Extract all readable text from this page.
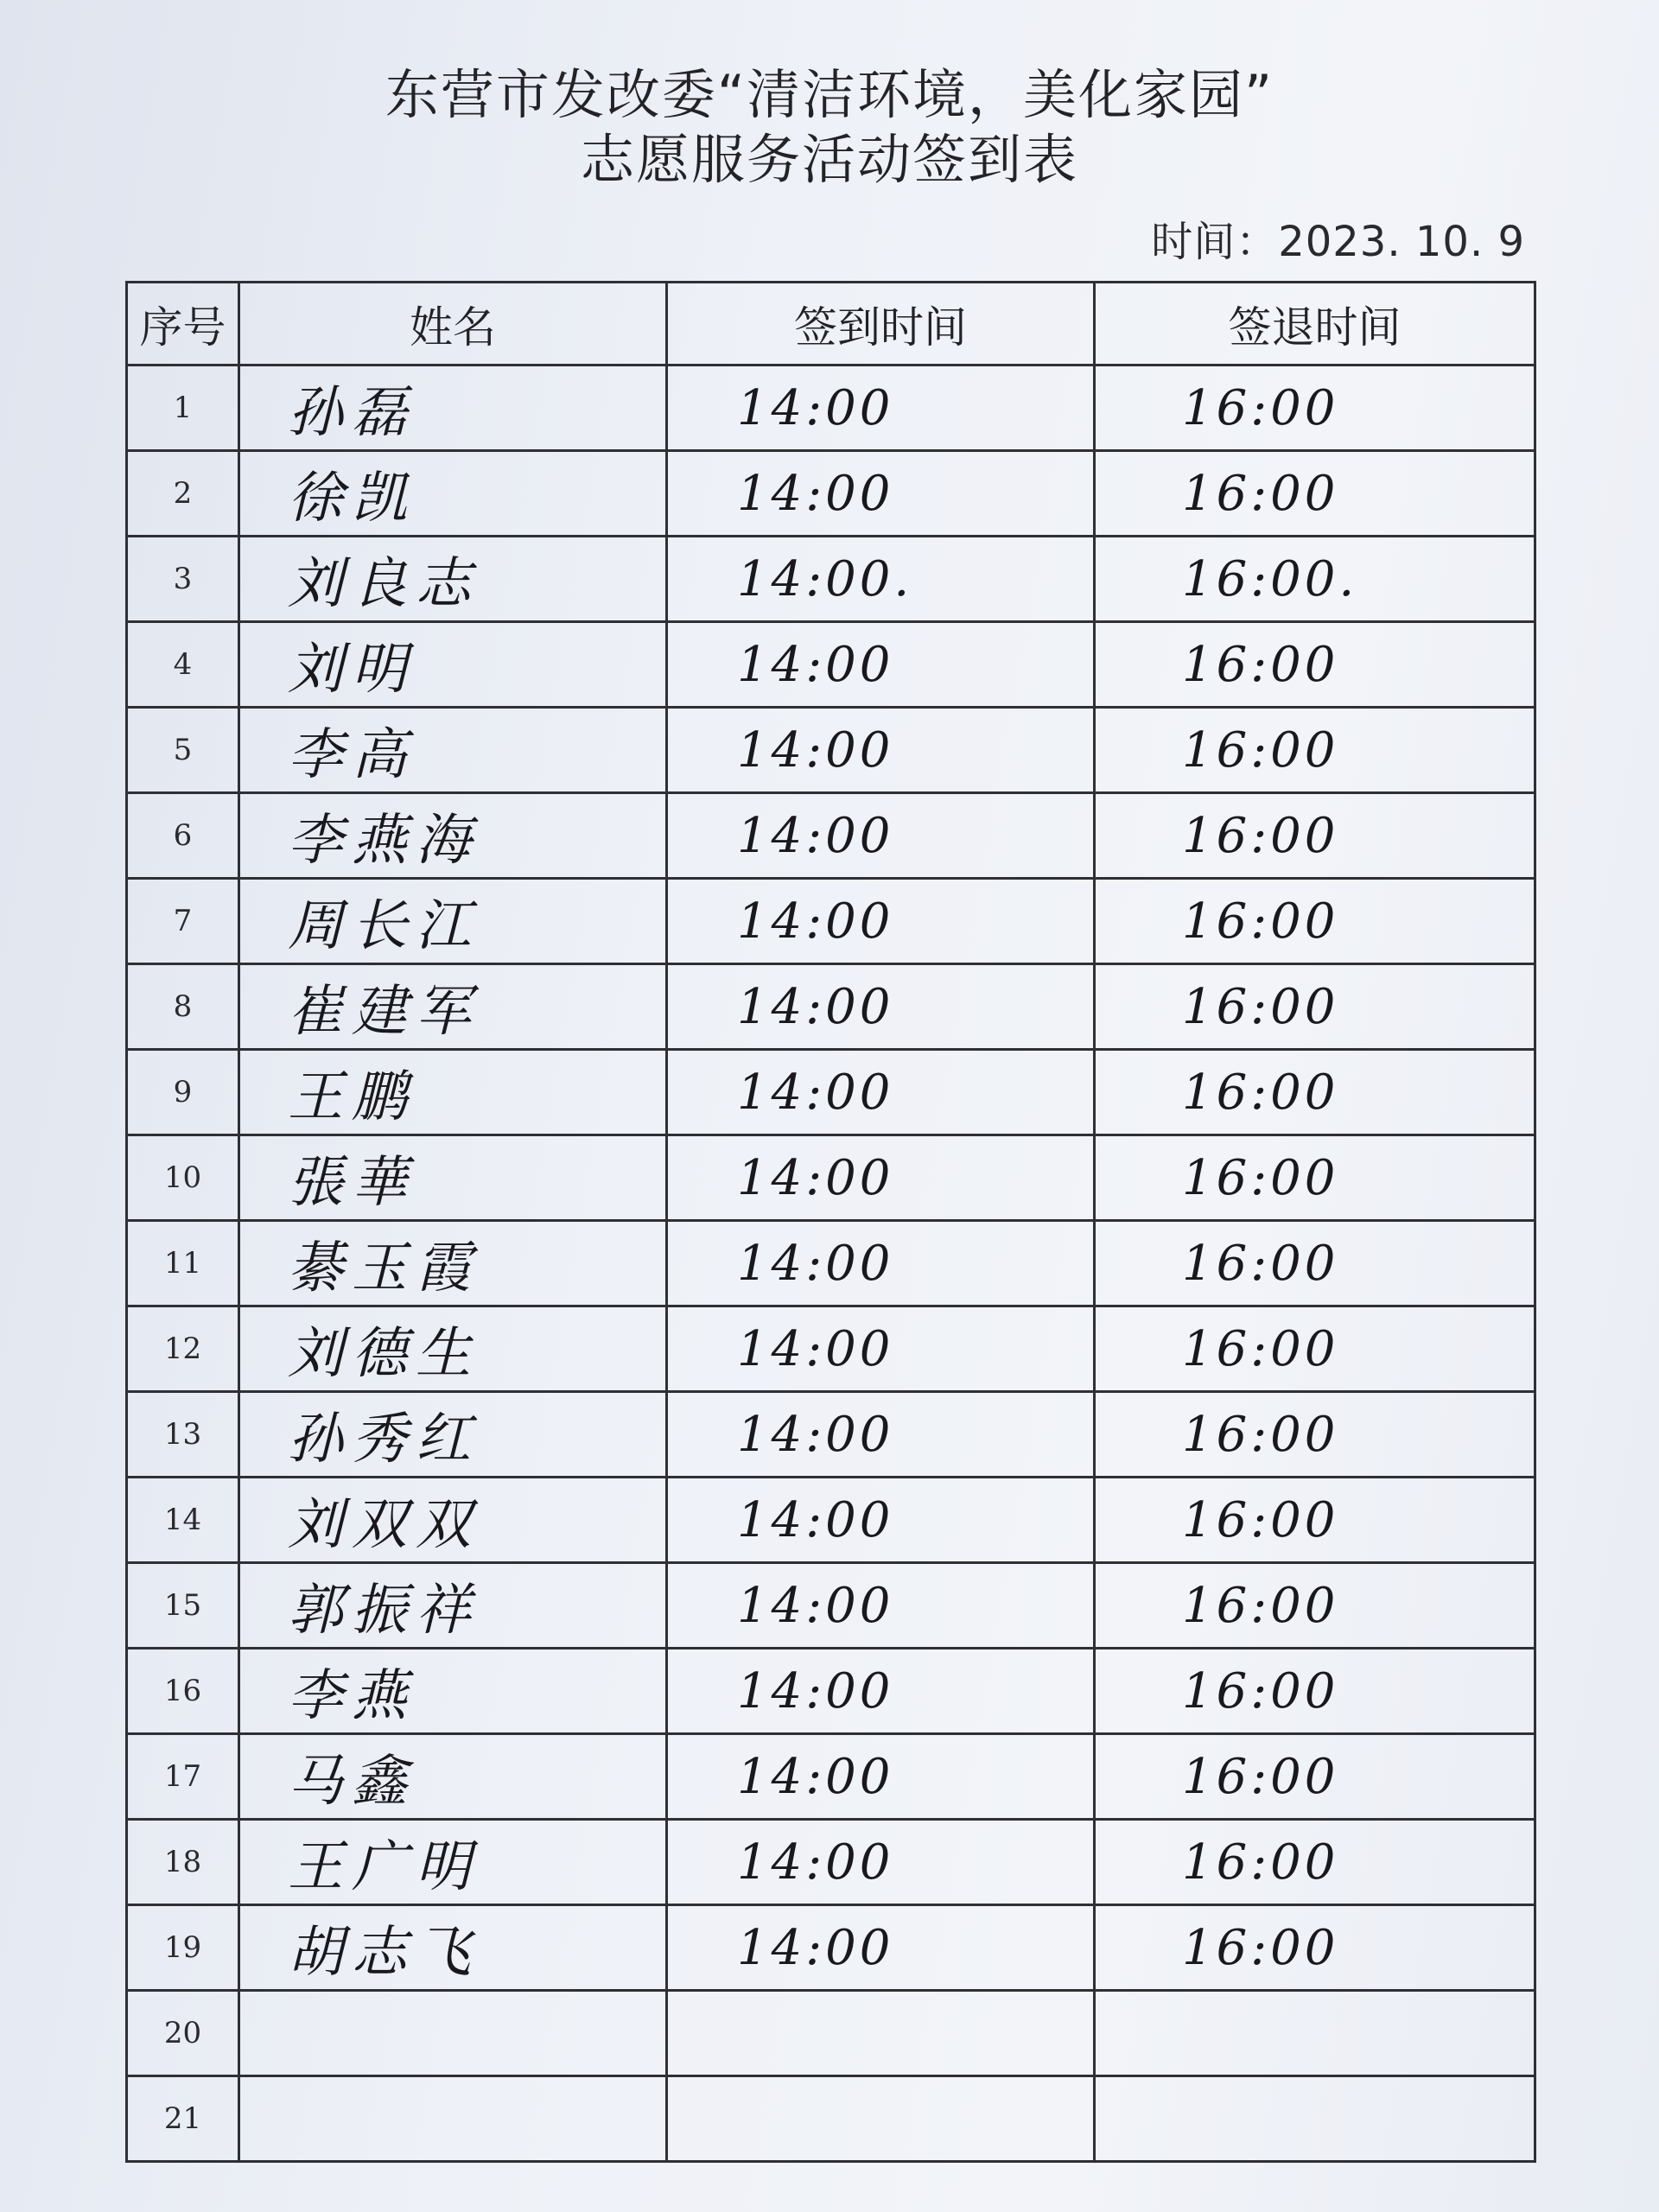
东营市发改委“清洁环境，美化家园”
志愿服务活动签到表
时间：2023. 10. 9
序号	姓名	签到时间	签退时间
1	孙磊	14:00	16:00
2	徐凯	14:00	16:00
3	刘良志	14:00.	16:00.
4	刘明	14:00	16:00
5	李高	14:00	16:00
6	李燕海	14:00	16:00
7	周长江	14:00	16:00
8	崔建军	14:00	16:00
9	王鹏	14:00	16:00
10	張華	14:00	16:00
11	綦玉霞	14:00	16:00
12	刘德生	14:00	16:00
13	孙秀红	14:00	16:00
14	刘双双	14:00	16:00
15	郭振祥	14:00	16:00
16	李燕	14:00	16:00
17	马鑫	14:00	16:00
18	王广明	14:00	16:00
19	胡志飞	14:00	16:00
20			
21			
